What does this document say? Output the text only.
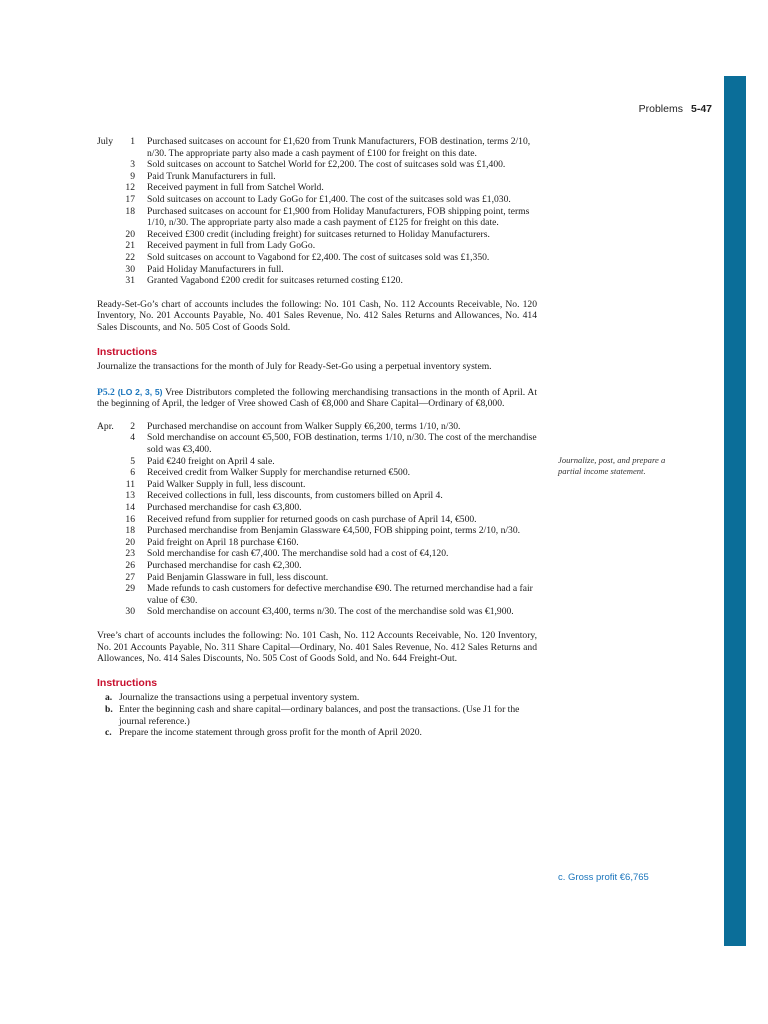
Problems 5-47
July	1 Purchased suitcases on account for £1,620 from Trunk Manufacturers, FOB destination, terms 2/10, n/30. The appropriate party also made a cash payment of £100 for freight on this date.
3 Sold suitcases on account to Satchel World for £2,200. The cost of suitcases sold was £1,400.
9 Paid Trunk Manufacturers in full.
12 Received payment in full from Satchel World.
17 Sold suitcases on account to Lady GoGo for £1,400. The cost of the suitcases sold was £1,030.
18 Purchased suitcases on account for £1,900 from Holiday Manufacturers, FOB shipping point, terms 1/10, n/30. The appropriate party also made a cash payment of £125 for freight on this date.
20 Received £300 credit (including freight) for suitcases returned to Holiday Manufacturers.
21 Received payment in full from Lady GoGo.
22 Sold suitcases on account to Vagabond for £2,400. The cost of suitcases sold was £1,350.
30 Paid Holiday Manufacturers in full.
31 Granted Vagabond £200 credit for suitcases returned costing £120.

Ready-Set-Go’s chart of accounts includes the following: No. 101 Cash, No. 112 Accounts Receivable, No. 120 Inventory, No. 201 Accounts Payable, No. 401 Sales Revenue, No. 412 Sales Returns and Allowances, No. 414 Sales Discounts, and No. 505 Cost of Goods Sold.

Instructions
Journalize the transactions for the month of July for Ready-Set-Go using a perpetual inventory system.
P5.2 (LO 2, 3, 5) Vree Distributors completed the following merchandising transactions in the month of April. At the beginning of April, the ledger of Vree showed Cash of €8,000 and Share Capital—Ordinary of €8,000.
Apr.	2 Purchased merchandise on account from Walker Supply €6,200, terms 1/10, n/30.
4 Sold merchandise on account €5,500, FOB destination, terms 1/10, n/30. The cost of the merchandise sold was €3,400.
5 Paid €240 freight on April 4 sale.
6 Received credit from Walker Supply for merchandise returned €500.
11 Paid Walker Supply in full, less discount.
13 Received collections in full, less discounts, from customers billed on April 4.
14 Purchased merchandise for cash €3,800.
16 Received refund from supplier for returned goods on cash purchase of April 14, €500.
18 Purchased merchandise from Benjamin Glassware €4,500, FOB shipping point, terms 2/10, n/30.
20 Paid freight on April 18 purchase €160.
23 Sold merchandise for cash €7,400. The merchandise sold had a cost of €4,120.
26 Purchased merchandise for cash €2,300.
27 Paid Benjamin Glassware in full, less discount.
29 Made refunds to cash customers for defective merchandise €90. The returned merchandise had a fair value of €30.
30 Sold merchandise on account €3,400, terms n/30. The cost of the merchandise sold was €1,900.

Vree’s chart of accounts includes the following: No. 101 Cash, No. 112 Accounts Receivable, No. 120 Inventory, No. 201 Accounts Payable, No. 311 Share Capital—Ordinary, No. 401 Sales Revenue, No. 412 Sales Returns and Allowances, No. 414 Sales Discounts, No. 505 Cost of Goods Sold, and No. 644 Freight-Out.

Instructions
a. Journalize the transactions using a perpetual inventory system.
b. Enter the beginning cash and share capital—ordinary balances, and post the transactions. (Use J1 for the journal reference.)
c. Prepare the income statement through gross profit for the month of April 2020.
Journalize, post, and prepare a partial income statement.
c. Gross profit €6,765
